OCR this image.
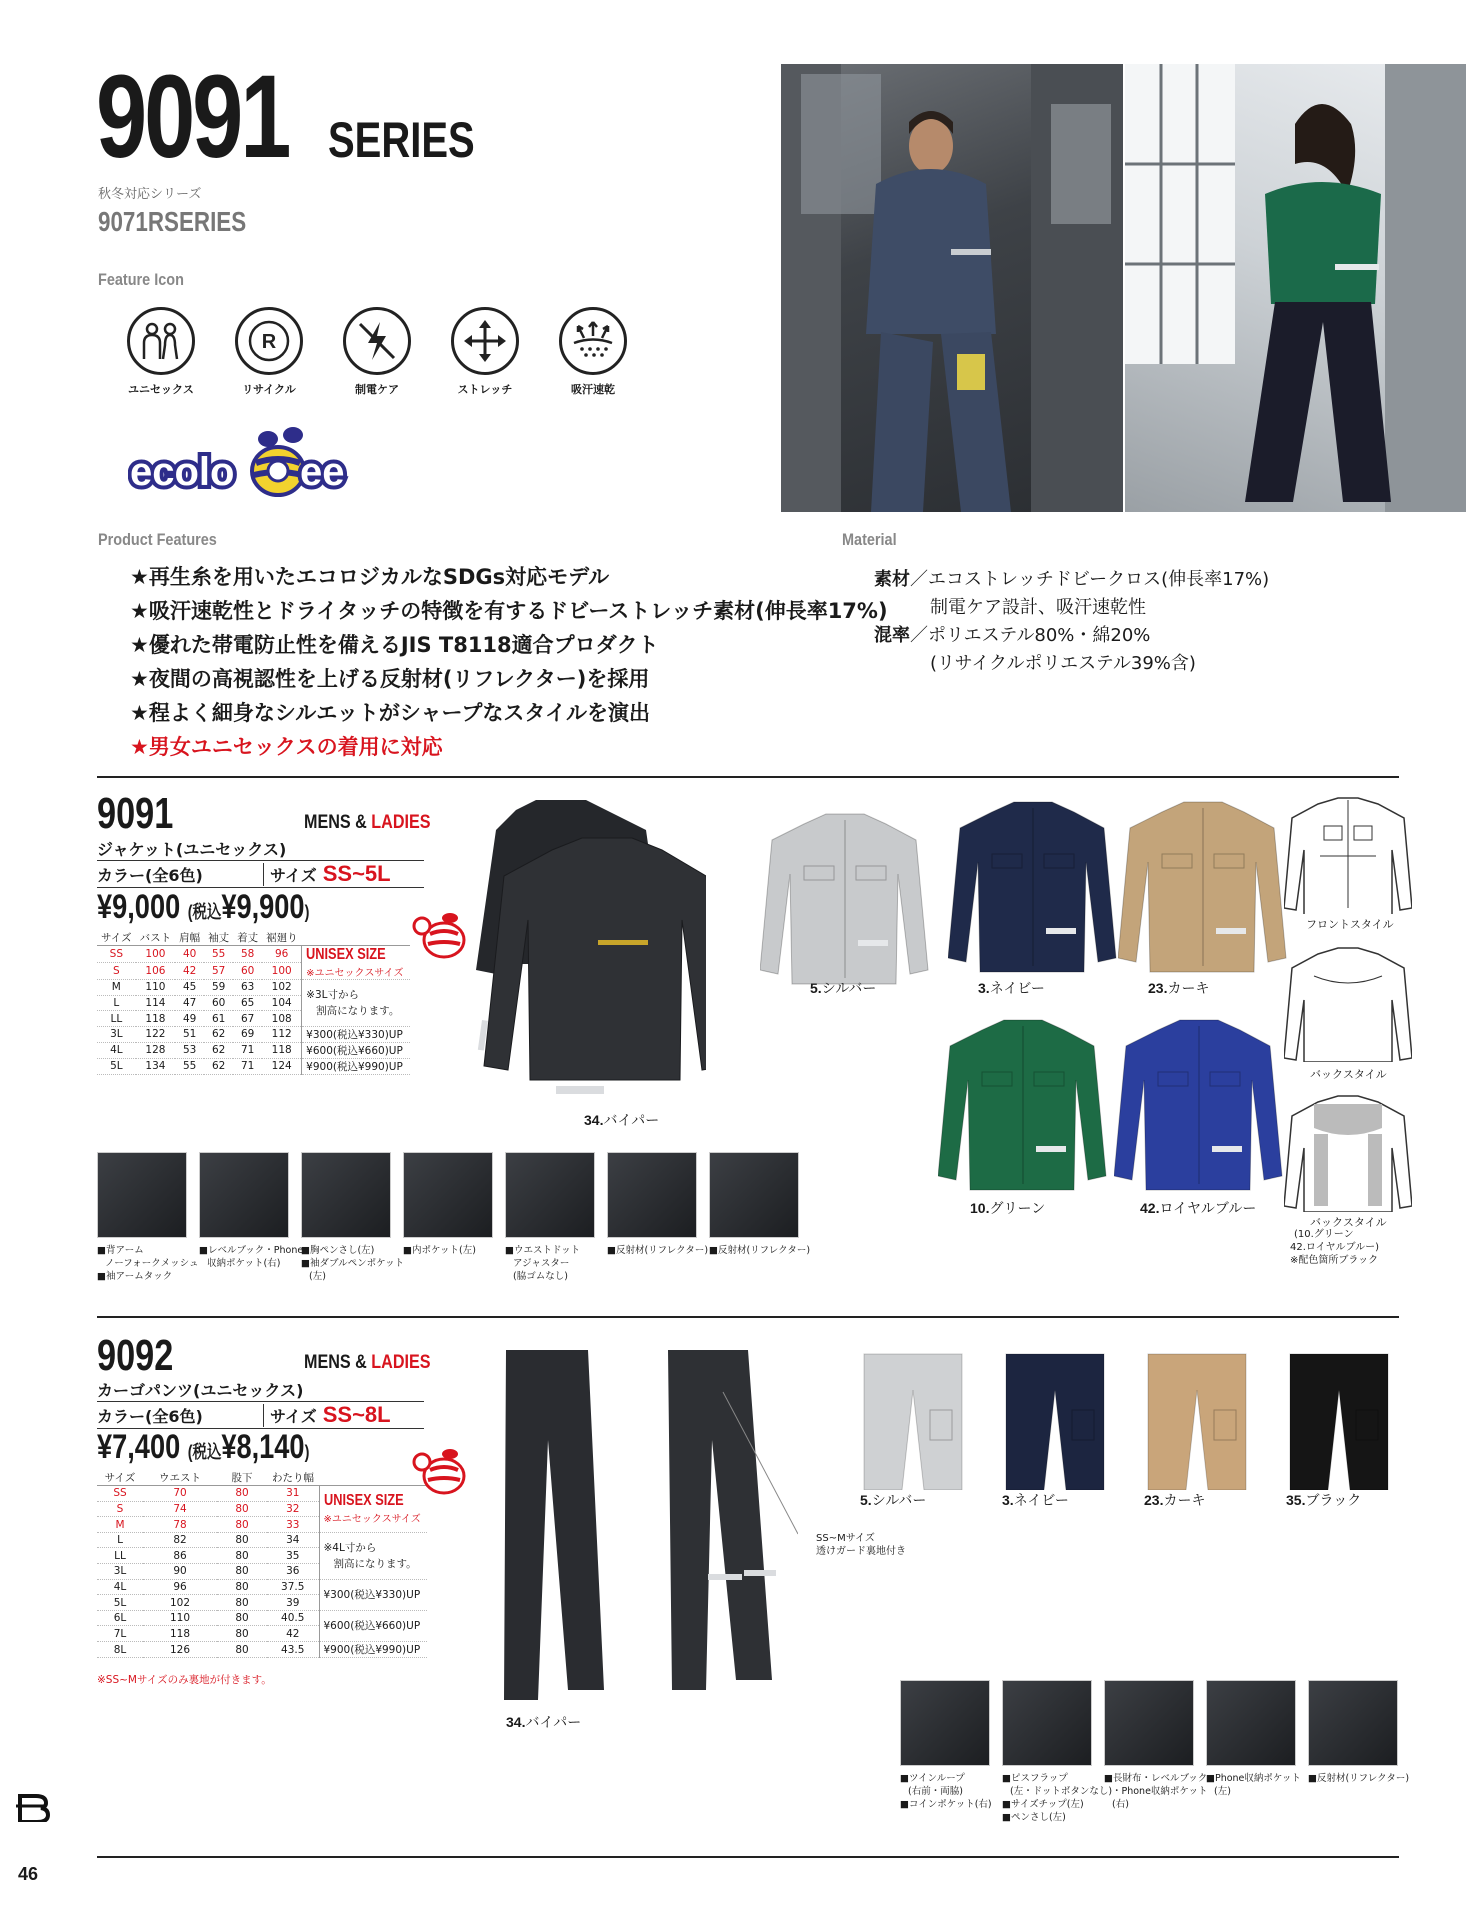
9091 SERIES
秋冬対応シリーズ
9071RSERIES
Feature Icon
ユニセックス
R
リサイクル	制電ケア	ストレッチ	吸汗速乾
ecolo ee
Product Features
★再生糸を用いたエコロジカルなSDGs対応モデル
★吸汗速乾性とドライタッチの特徴を有するドビーストレッチ素材(伸長率17%)
★優れた帯電防止性を備えるJIS T8118適合プロダクト
★夜間の高視認性を上げる反射材(リフレクター)を採用
★程よく細身なシルエットがシャープなスタイルを演出
★男女ユニセックスの着用に対応
Material
素材／エコストレッチドビークロス(伸長率17%)
制電ケア設計、吸汗速乾性
混率／ポリエステル80%・綿20%
(リサイクルポリエステル39%含)
9091	MENS & LADIES
ジャケット(ユニセックス)
カラー(全6色)	サイズ SS~5L
¥9,000 (税込¥9,900)
サイズ	バスト	肩幅	袖丈	着丈	裾廻り	
SS	100	40	55	58	96	UNISEX SIZE
※ユニセックスサイズ

S	106	42	57	60	100	
M	110	45	59	63	102	※3L寸から
割高になります。

L	114	47	60	65	104	
LL	118	49	61	67	108	
3L	122	51	62	69	112	¥300(税込¥330)UP
4L	128	53	62	71	118	¥600(税込¥660)UP
5L	134	55	62	71	124	¥900(税込¥990)UP
34.バイパー
5.シルバー	3.ネイビー	23.カーキ
10.グリーン	42.ロイヤルブルー
フロントスタイル
バックスタイル
バックスタイル
(10.グリーン
42.ロイヤルブルー)
※配色箇所ブラック
■背アーム
ノーフォークメッシュ
■袖アームタック
■レベルブック・Phone
収納ポケット(右)
■胸ペンさし(左)
■袖ダブルペンポケット
(左)
■内ポケット(左)	■ウエストドット
アジャスター
(脇ゴムなし)
■反射材(リフレクター) ■反射材(リフレクター)
9092	MENS & LADIES
カーゴパンツ(ユニセックス)
カラー(全6色)	サイズ SS~8L
¥7,400 (税込¥8,140)
サイズ	ウエスト	股下	わたり幅	
SS	70	80	31	UNISEX SIZE
※ユニセックスサイズ

S	74	80	32	
M	78	80	33	
L	82	80	34	※4L寸から
割高になります。

LL	86	80	35	
3L	90	80	36	
4L	96	80	37.5	¥300(税込¥330)UP
5L	102	80	39	
6L	110	80	40.5	¥600(税込¥660)UP
7L	118	80	42	
8L	126	80	43.5	¥900(税込¥990)UP
※SS~Mサイズのみ裏地が付きます。
34.バイパー
SS~Mサイズ
透けガード裏地付き
5.シルバー	3.ネイビー	23.カーキ	35.ブラック
■ツインループ
(右前・両脇)
■コインポケット(右)
■ピスフラップ
(左・ドットボタンなし)
■サイズチップ(左)
■ペンさし(左)
■長財布・レベルブック
・Phone収納ポケット
(右)
■Phone収納ポケット
(左)
■反射材(リフレクター)
46
